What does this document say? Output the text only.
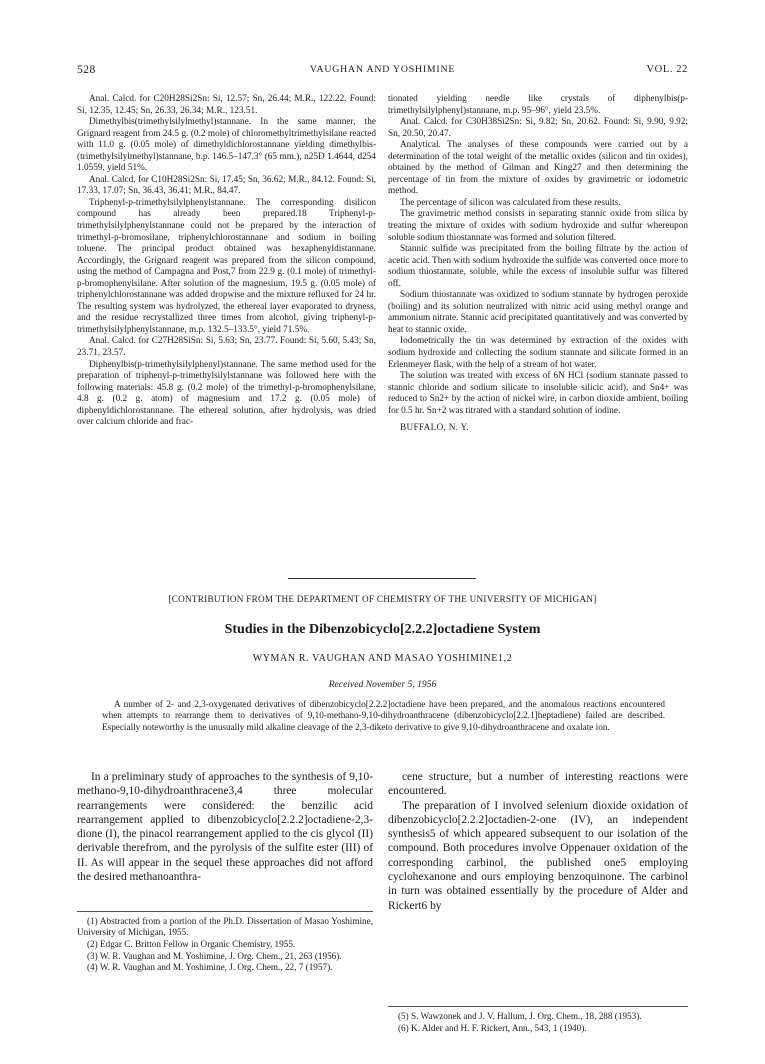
528	VAUGHAN AND YOSHIMINE	VOL. 22

Anal. Calcd. for C20H28Si2Sn: Si, 12.57; Sn, 26.44; M.R., 122.22. Found: Si, 12.35, 12.45; Sn, 26.33, 26.34; M.R., 123.51.

Dimethylbis(trimethylsilylmethyl)stannane. In the same manner, the Grignard reagent from 24.5 g. (0.2 mole) of chloromethyltrimethylsilane reacted with 11.0 g. (0.05 mole) of dimethyldichlorostannane yielding dimethylbis-(trimethylsilylmethyl)stannane, b.p. 146.5–147.3° (65 mm.), n25D 1.4644, d254 1.0559, yield 51%.

Anal. Calcd. for C10H28Si2Sn: Si, 17.45; Sn, 36.62; M.R., 84.12. Found: Si, 17.33, 17.07; Sn, 36.43, 36.41; M.R., 84.47.

Triphenyl-p-trimethylsilylphenylstannane. The corresponding disilicon compound has already been prepared.18 Triphenyl-p-trimethylsilylphenylstannane could not be prepared by the interaction of trimethyl-p-bromosilane, triphenylchlorostannane and sodium in boiling toluene. The principal product obtained was hexaphenyldistannane. Accordingly, the Grignard reagent was prepared from the silicon compound, using the method of Campagna and Post,7 from 22.9 g. (0.1 mole) of trimethyl-p-bromophenylsilane. After solution of the magnesium, 19.5 g. (0.05 mole) of triphenylchlorostannane was added dropwise and the mixture refluxed for 24 hr. The resulting system was hydrolyzed, the ethereal layer evaporated to dryness, and the residue recrystallized three times from alcohol, giving triphenyl-p-trimethylsilylphenylstannane, m.p. 132.5–133.5°, yield 71.5%.

Anal. Calcd. for C27H28SiSn: Si, 5.63; Sn, 23.77. Found: Si, 5.60, 5.43; Sn, 23.71, 23.57.

Diphenylbis(p-trimethylsilylphenyl)stannane. The same method used for the preparation of triphenyl-p-trimethylsilylstannane was followed here with the following materials: 45.8 g. (0.2 mole) of the trimethyl-p-bromophenylsilane, 4.8 g. (0.2 g. atom) of magnesium and 17.2 g. (0.05 mole) of diphenyldichlorostannane. The ethereal solution, after hydrolysis, was dried over calcium chloride and frac-

tionated yielding needle like crystals of diphenylbis(p-trimethylsilylphenyl)stannane, m.p. 95–96°, yield 23.5%.

Anal. Calcd. for C30H38Si2Sn: Si, 9.82; Sn, 20.62. Found: Si, 9.90, 9.92; Sn, 20.50, 20.47.

Analytical. The analyses of these compounds were carried out by a determination of the total weight of the metallic oxides (silicon and tin oxides), obtained by the method of Gilman and King27 and then determining the percentage of tin from the mixture of oxides by gravimetric or iodometric method.

The percentage of silicon was calculated from these results.

The gravimetric method consists in separating stannic oxide from silica by treating the mixture of oxides with sodium hydroxide and sulfur whereupon soluble sodium thiostannate was formed and solution filtered.

Stannic sulfide was precipitated from the boiling filtrate by the action of acetic acid. Then with sodium hydroxide the sulfide was converted once more to sodium thiostannate, soluble, while the excess of insoluble sulfur was filtered off.

Sodium thiostannate was oxidized to sodium stannate by hydrogen peroxide (boiling) and its solution neutralized with nitric acid using methyl orange and ammonium nitrate. Stannic acid precipitated quantitatively and was converted by heat to stannic oxide.

Iodometrically the tin was determined by extraction of the oxides with sodium hydroxide and collecting the sodium stannate and silicate formed in an Erlenmeyer flask, with the help of a stream of hot water.

The solution was treated with excess of 6N HCl (sodium stannate passed to stannic chloride and sodium silicate to insoluble silicic acid), and Sn4+ was reduced to Sn2+ by the action of nickel wire, in carbon dioxide ambient, boiling for 0.5 hr. Sn+2 was titrated with a standard solution of iodine.

BUFFALO, N. Y.

[CONTRIBUTION FROM THE DEPARTMENT OF CHEMISTRY OF THE UNIVERSITY OF MICHIGAN]
Studies in the Dibenzobicyclo[2.2.2]octadiene System
WYMAN R. VAUGHAN AND MASAO YOSHIMINE1,2
Received November 5, 1956
A number of 2- and 2,3-oxygenated derivatives of dibenzobicyclo[2.2.2]octadiene have been prepared, and the anomalous reactions encountered when attempts to rearrange them to derivatives of 9,10-methano-9,10-dihydroanthracene (dibenzobicyclo[2.2.1]heptadiene) failed are described. Especially noteworthy is the unusually mild alkaline cleavage of the 2,3-diketo derivative to give 9,10-dihydroanthracene and oxalate ion.

In a preliminary study of approaches to the synthesis of 9,10-methano-9,10-dihydroanthracene3,4 three molecular rearrangements were considered: the benzilic acid rearrangement applied to dibenzobicyclo[2.2.2]octadiene-2,3-dione (I), the pinacol rearrangement applied to the cis glycol (II) derivable therefrom, and the pyrolysis of the sulfite ester (III) of II. As will appear in the sequel these approaches did not afford the desired methanoanthra-

cene structure, but a number of interesting reactions were encountered.

The preparation of I involved selenium dioxide oxidation of dibenzobicyclo[2.2.2]octadien-2-one (IV), an independent synthesis5 of which appeared subsequent to our isolation of the compound. Both procedures involve Oppenauer oxidation of the corresponding carbinol, the published one5 employing cyclohexanone and ours employing benzoquinone. The carbinol in turn was obtained essentially by the procedure of Alder and Rickert6 by

(1) Abstracted from a portion of the Ph.D. Dissertation of Masao Yoshimine, University of Michigan, 1955.
(2) Edgar C. Britton Fellow in Organic Chemistry, 1955.
(3) W. R. Vaughan and M. Yoshimine, J. Org. Chem., 21, 263 (1956).
(4) W. R. Vaughan and M. Yoshimine, J. Org. Chem., 22, 7 (1957).
(5) S. Wawzonek and J. V. Hallum, J. Org. Chem., 18, 288 (1953).
(6) K. Alder and H. F. Rickert, Ann., 543, 1 (1940).
